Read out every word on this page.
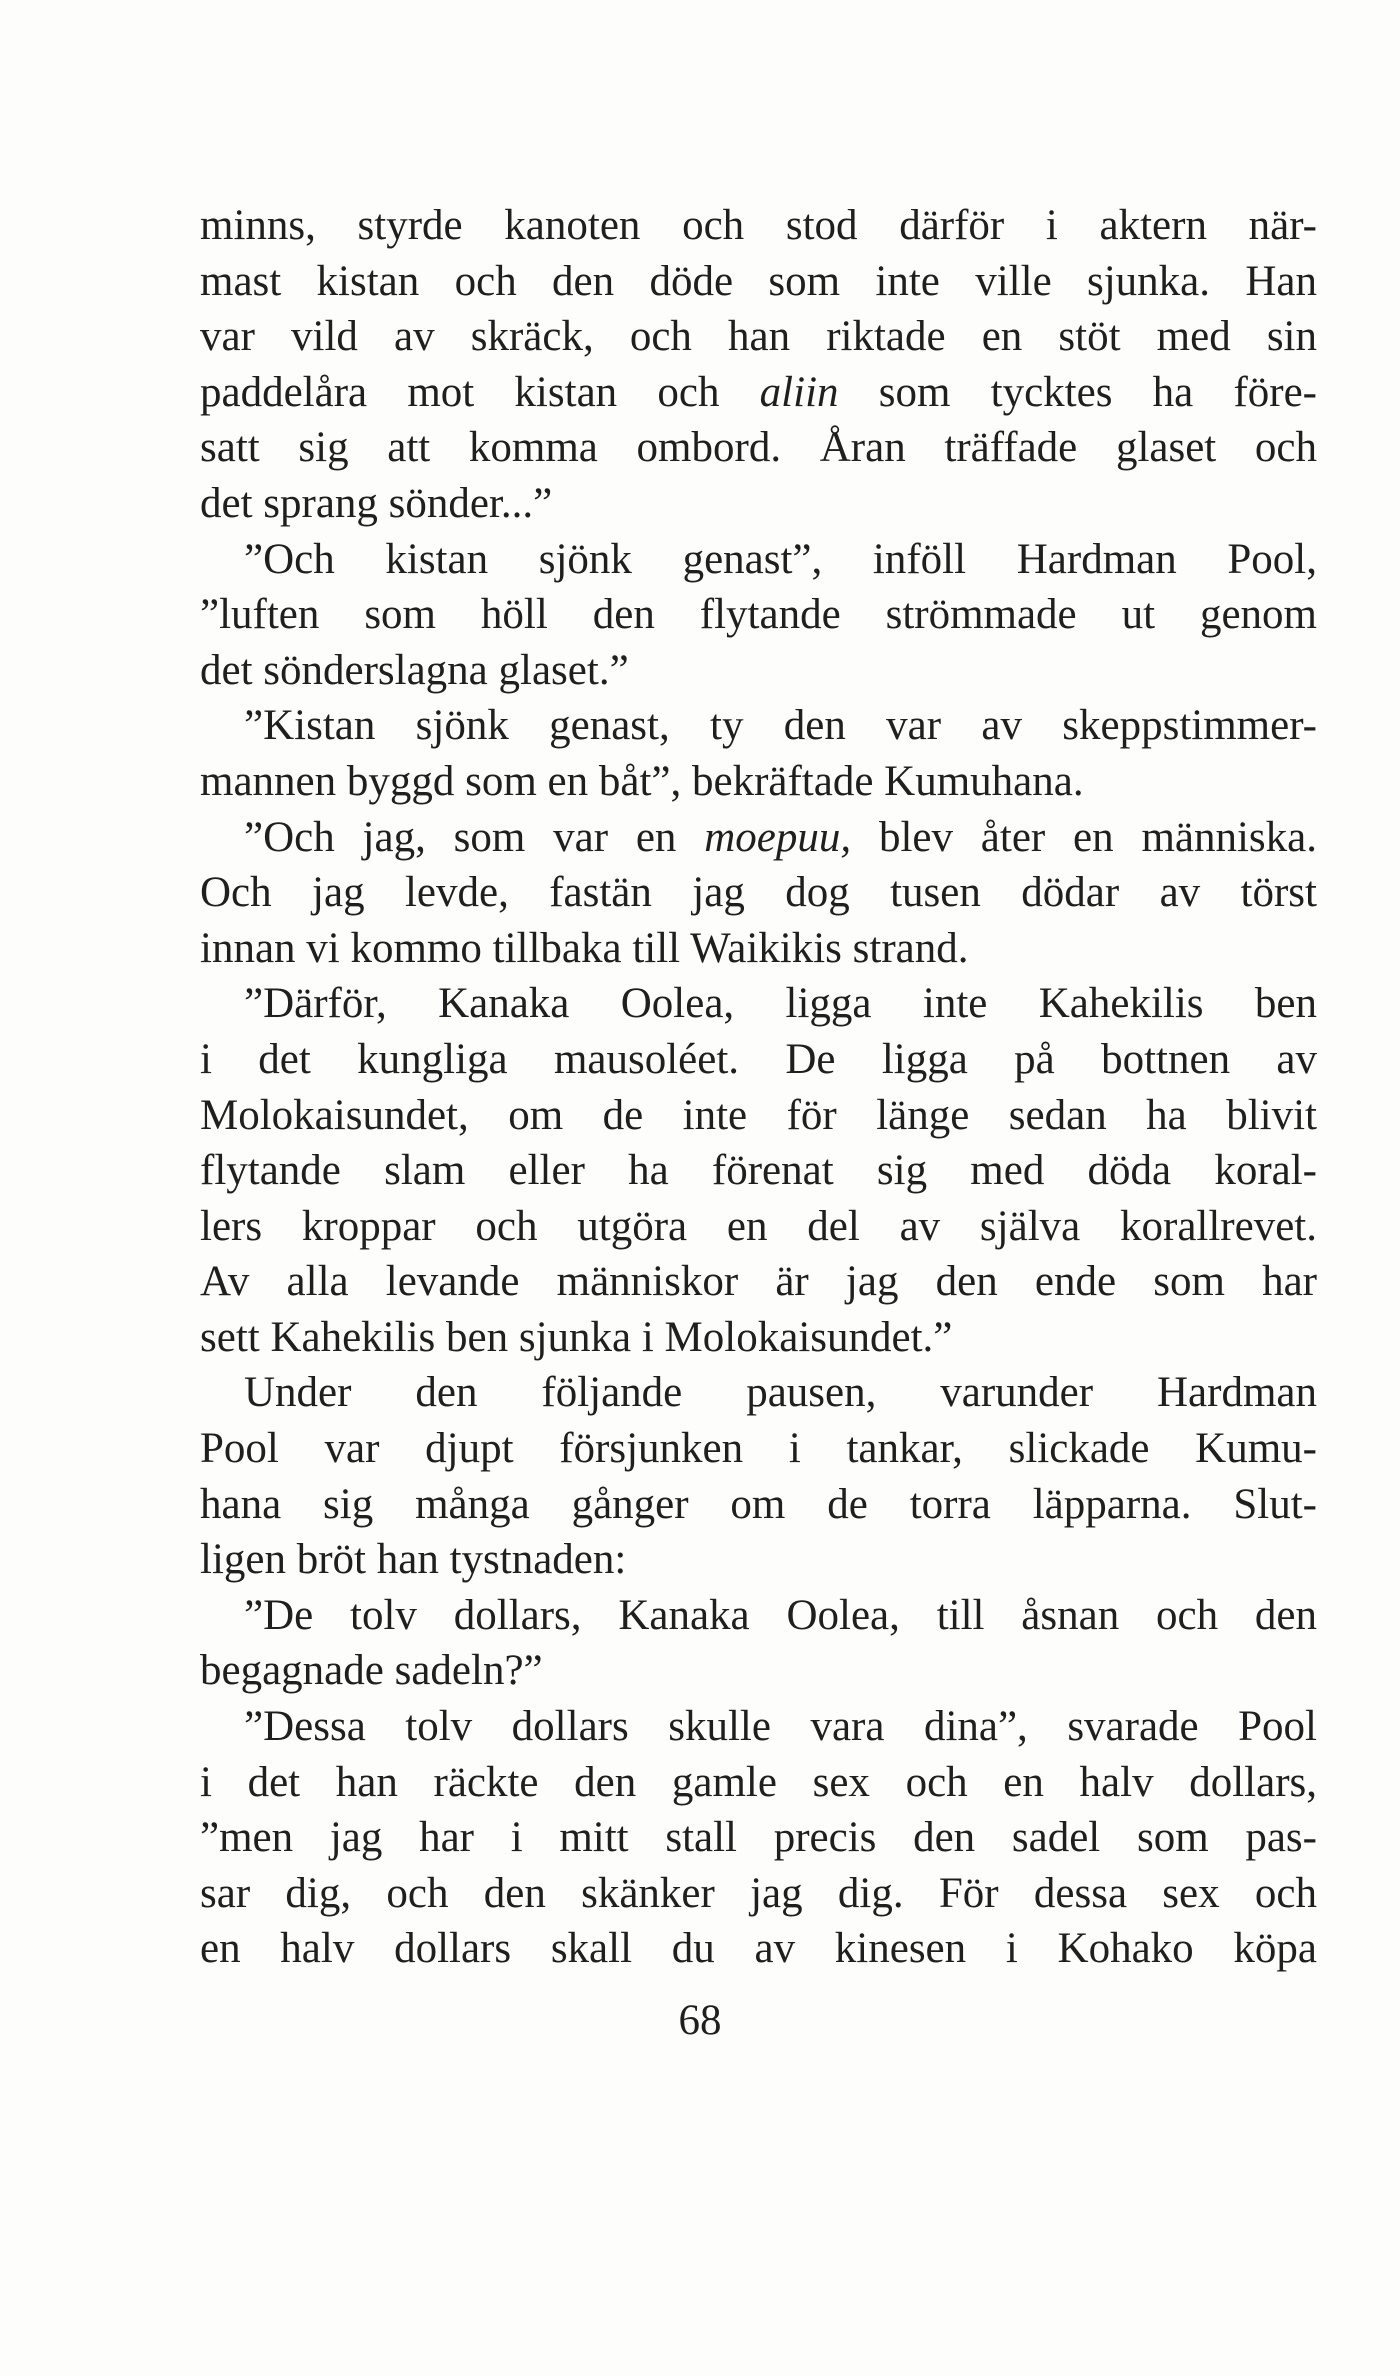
minns, styrde kanoten och stod därför i aktern när-
mast kistan och den döde som inte ville sjunka. Han
var vild av skräck, och han riktade en stöt med sin
paddelåra mot kistan och aliin som tycktes ha före-
satt sig att komma ombord. Åran träffade glaset och
det sprang sönder...”
”Och kistan sjönk genast”, inföll Hardman Pool,
”luften som höll den flytande strömmade ut genom
det sönderslagna glaset.”
”Kistan sjönk genast, ty den var av skeppstimmer-
mannen byggd som en båt”, bekräftade Kumuhana.
”Och jag, som var en moepuu, blev åter en människa.
Och jag levde, fastän jag dog tusen dödar av törst
innan vi kommo tillbaka till Waikikis strand.
”Därför, Kanaka Oolea, ligga inte Kahekilis ben
i det kungliga mausoléet. De ligga på bottnen av
Molokaisundet, om de inte för länge sedan ha blivit
flytande slam eller ha förenat sig med döda koral-
lers kroppar och utgöra en del av själva korallrevet.
Av alla levande människor är jag den ende som har
sett Kahekilis ben sjunka i Molokaisundet.”
Under den följande pausen, varunder Hardman
Pool var djupt försjunken i tankar, slickade Kumu-
hana sig många gånger om de torra läpparna. Slut-
ligen bröt han tystnaden:
”De tolv dollars, Kanaka Oolea, till åsnan och den
begagnade sadeln?”
”Dessa tolv dollars skulle vara dina”, svarade Pool
i det han räckte den gamle sex och en halv dollars,
”men jag har i mitt stall precis den sadel som pas-
sar dig, och den skänker jag dig. För dessa sex och
en halv dollars skall du av kinesen i Kohako köpa
68
